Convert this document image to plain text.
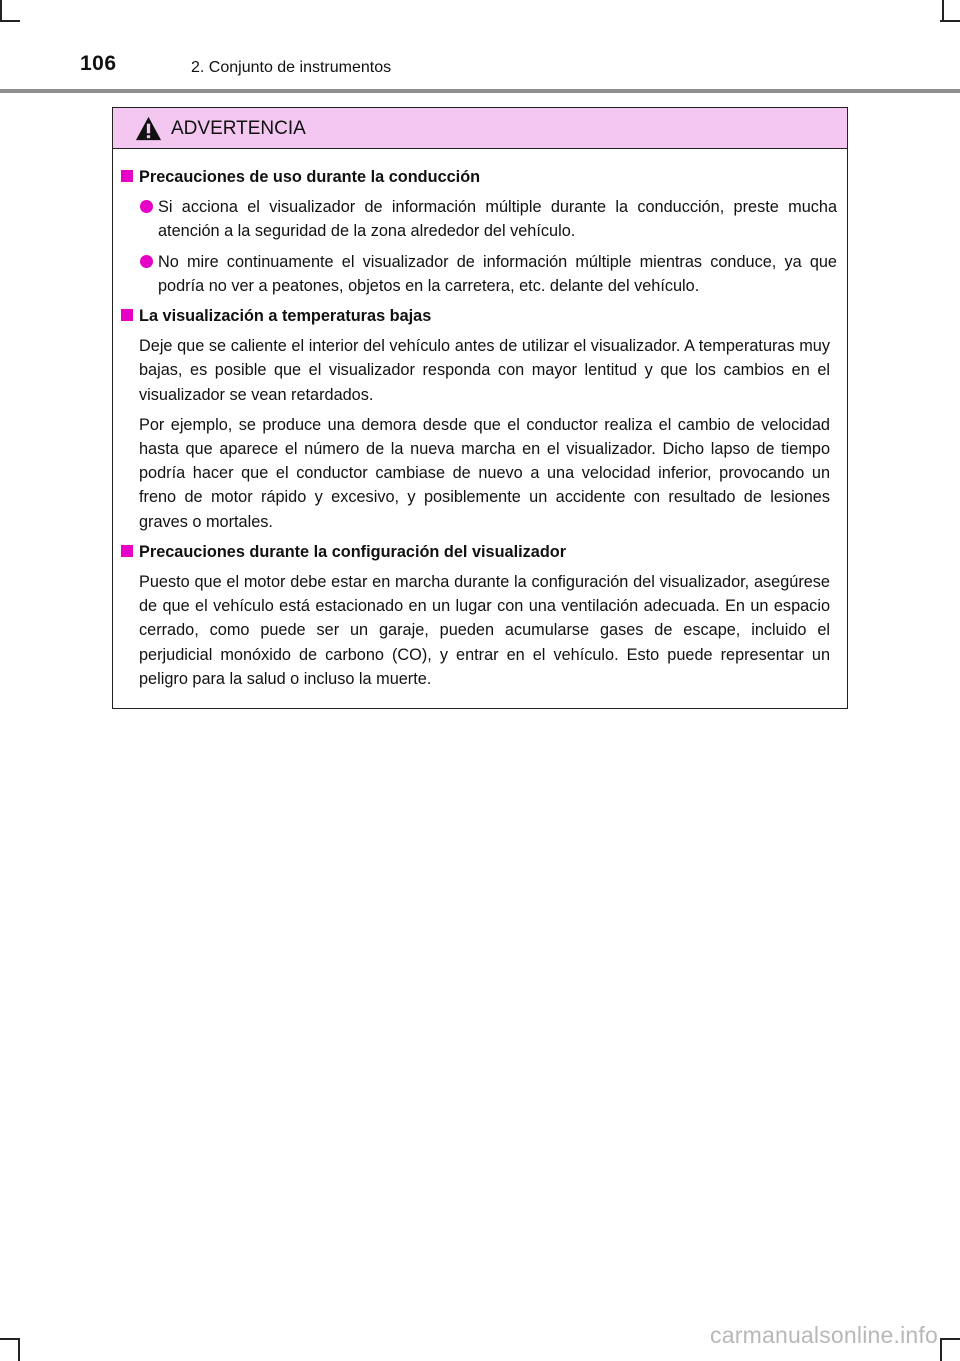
106	2. Conjunto de instrumentos
ADVERTENCIA
Precauciones de uso durante la conducción
Si acciona el visualizador de información múltiple durante la conducción, preste mucha atención a la seguridad de la zona alrededor del vehículo.
No mire continuamente el visualizador de información múltiple mientras conduce, ya que podría no ver a peatones, objetos en la carretera, etc. delante del vehículo.
La visualización a temperaturas bajas
Deje que se caliente el interior del vehículo antes de utilizar el visualizador. A temperaturas muy bajas, es posible que el visualizador responda con mayor lentitud y que los cambios en el visualizador se vean retardados.
Por ejemplo, se produce una demora desde que el conductor realiza el cambio de velocidad hasta que aparece el número de la nueva marcha en el visualizador. Dicho lapso de tiempo podría hacer que el conductor cambiase de nuevo a una velocidad inferior, provocando un freno de motor rápido y excesivo, y posiblemente un accidente con resultado de lesiones graves o mortales.
Precauciones durante la configuración del visualizador
Puesto que el motor debe estar en marcha durante la configuración del visualizador, asegúrese de que el vehículo está estacionado en un lugar con una ventilación adecuada. En un espacio cerrado, como puede ser un garaje, pueden acumularse gases de escape, incluido el perjudicial monóxido de carbono (CO), y entrar en el vehículo. Esto puede representar un peligro para la salud o incluso la muerte.
carmanualsonline.info
